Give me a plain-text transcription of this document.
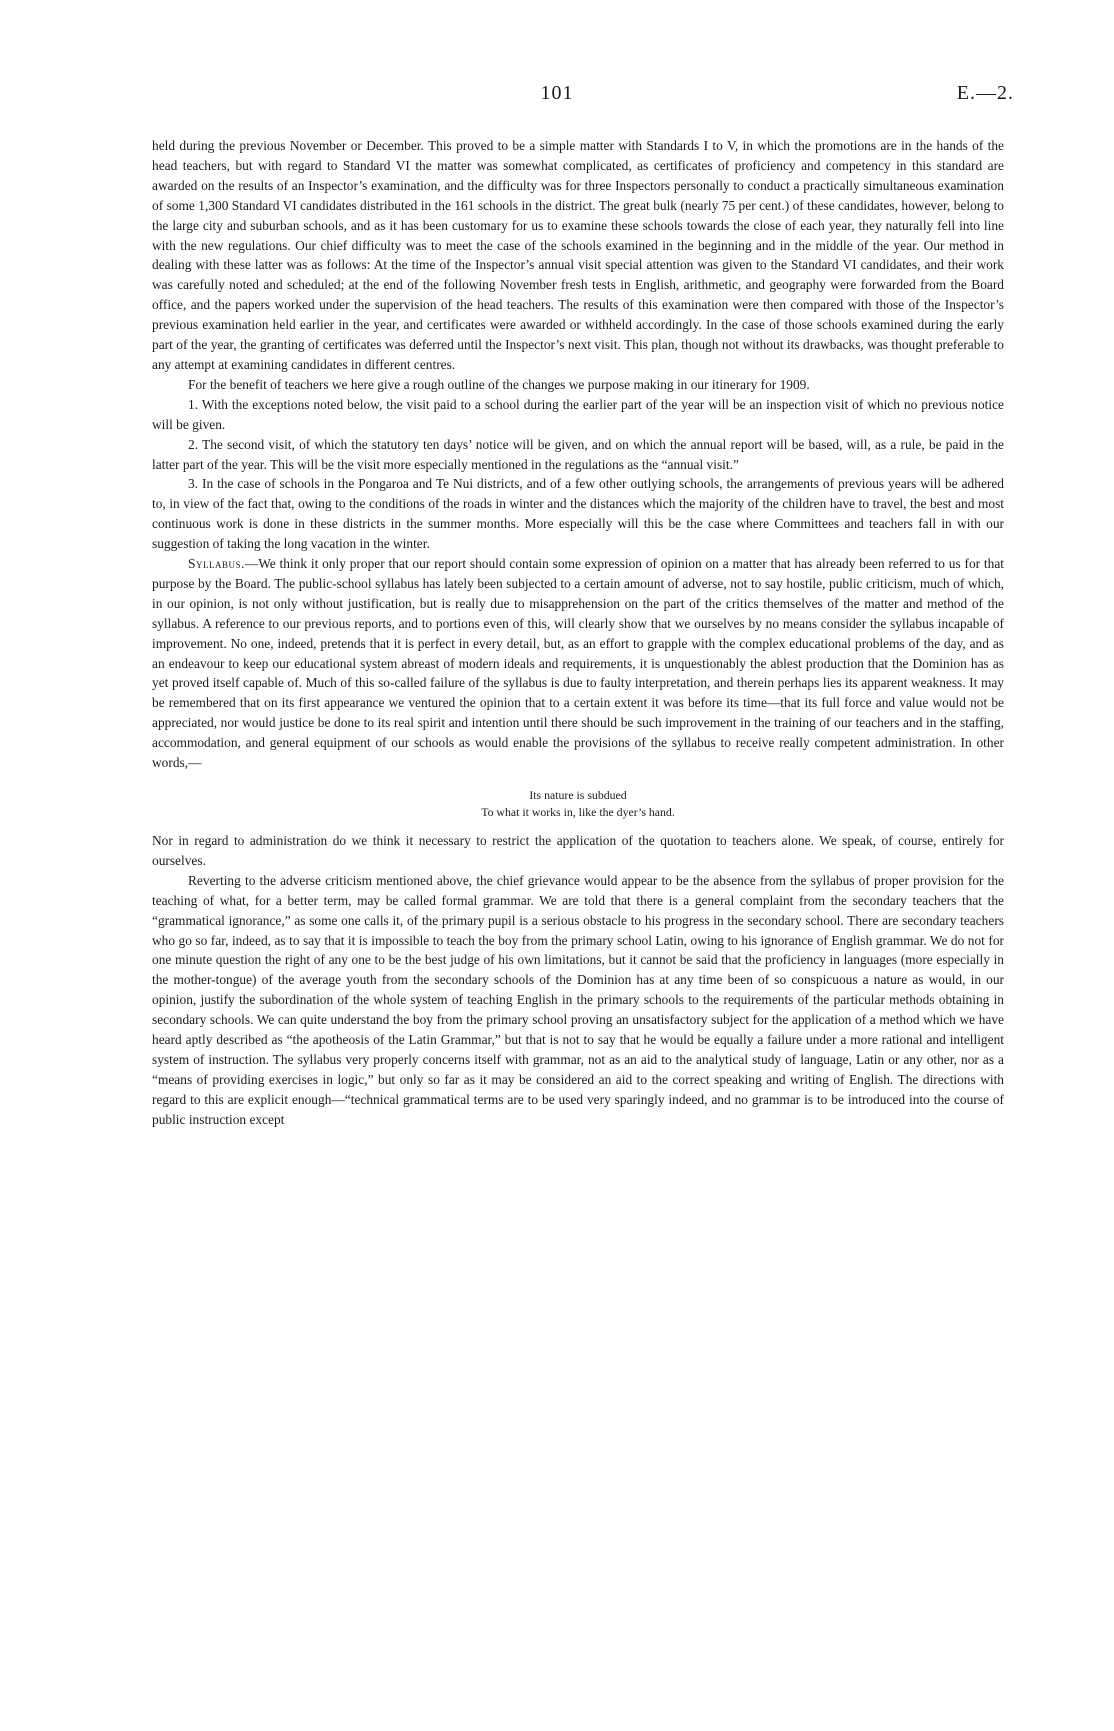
101	E.—2.

held during the previous November or December. This proved to be a simple matter with Standards I to V, in which the promotions are in the hands of the head teachers, but with regard to Standard VI the matter was somewhat complicated, as certificates of proficiency and competency in this standard are awarded on the results of an Inspector’s examination, and the difficulty was for three Inspectors personally to conduct a practically simultaneous examination of some 1,300 Standard VI candidates distributed in the 161 schools in the district. The great bulk (nearly 75 per cent.) of these candidates, however, belong to the large city and suburban schools, and as it has been customary for us to examine these schools towards the close of each year, they naturally fell into line with the new regulations. Our chief difficulty was to meet the case of the schools examined in the beginning and in the middle of the year. Our method in dealing with these latter was as follows: At the time of the Inspector’s annual visit special attention was given to the Standard VI candidates, and their work was carefully noted and scheduled; at the end of the following November fresh tests in English, arithmetic, and geography were forwarded from the Board office, and the papers worked under the supervision of the head teachers. The results of this examination were then compared with those of the Inspector’s previous examination held earlier in the year, and certificates were awarded or withheld accordingly. In the case of those schools examined during the early part of the year, the granting of certificates was deferred until the Inspector’s next visit. This plan, though not without its drawbacks, was thought preferable to any attempt at examining candidates in different centres.

For the benefit of teachers we here give a rough outline of the changes we purpose making in our itinerary for 1909.

1. With the exceptions noted below, the visit paid to a school during the earlier part of the year will be an inspection visit of which no previous notice will be given.

2. The second visit, of which the statutory ten days’ notice will be given, and on which the annual report will be based, will, as a rule, be paid in the latter part of the year. This will be the visit more especially mentioned in the regulations as the “annual visit.”

3. In the case of schools in the Pongaroa and Te Nui districts, and of a few other outlying schools, the arrangements of previous years will be adhered to, in view of the fact that, owing to the conditions of the roads in winter and the distances which the majority of the children have to travel, the best and most continuous work is done in these districts in the summer months. More especially will this be the case where Committees and teachers fall in with our suggestion of taking the long vacation in the winter.

Syllabus.—We think it only proper that our report should contain some expression of opinion on a matter that has already been referred to us for that purpose by the Board. The public-school syllabus has lately been subjected to a certain amount of adverse, not to say hostile, public criticism, much of which, in our opinion, is not only without justification, but is really due to misapprehension on the part of the critics themselves of the matter and method of the syllabus. A reference to our previous reports, and to portions even of this, will clearly show that we ourselves by no means consider the syllabus incapable of improvement. No one, indeed, pretends that it is perfect in every detail, but, as an effort to grapple with the complex educational problems of the day, and as an endeavour to keep our educational system abreast of modern ideals and requirements, it is unquestionably the ablest production that the Dominion has as yet proved itself capable of. Much of this so-called failure of the syllabus is due to faulty interpretation, and therein perhaps lies its apparent weakness. It may be remembered that on its first appearance we ventured the opinion that to a certain extent it was before its time—that its full force and value would not be appreciated, nor would justice be done to its real spirit and intention until there should be such improvement in the training of our teachers and in the staffing, accommodation, and general equipment of our schools as would enable the provisions of the syllabus to receive really competent administration. In other words,—

Its nature is subdued
To what it works in, like the dyer’s hand.

Nor in regard to administration do we think it necessary to restrict the application of the quotation to teachers alone. We speak, of course, entirely for ourselves.

Reverting to the adverse criticism mentioned above, the chief grievance would appear to be the absence from the syllabus of proper provision for the teaching of what, for a better term, may be called formal grammar. We are told that there is a general complaint from the secondary teachers that the “grammatical ignorance,” as some one calls it, of the primary pupil is a serious obstacle to his progress in the secondary school. There are secondary teachers who go so far, indeed, as to say that it is impossible to teach the boy from the primary school Latin, owing to his ignorance of English grammar. We do not for one minute question the right of any one to be the best judge of his own limitations, but it cannot be said that the proficiency in languages (more especially in the mother-tongue) of the average youth from the secondary schools of the Dominion has at any time been of so conspicuous a nature as would, in our opinion, justify the subordination of the whole system of teaching English in the primary schools to the requirements of the particular methods obtaining in secondary schools. We can quite understand the boy from the primary school proving an unsatisfactory subject for the application of a method which we have heard aptly described as “the apotheosis of the Latin Grammar,” but that is not to say that he would be equally a failure under a more rational and intelligent system of instruction. The syllabus very properly concerns itself with grammar, not as an aid to the analytical study of language, Latin or any other, nor as a “means of providing exercises in logic,” but only so far as it may be considered an aid to the correct speaking and writing of English. The directions with regard to this are explicit enough—“technical grammatical terms are to be used very sparingly indeed, and no grammar is to be introduced into the course of public instruction except
